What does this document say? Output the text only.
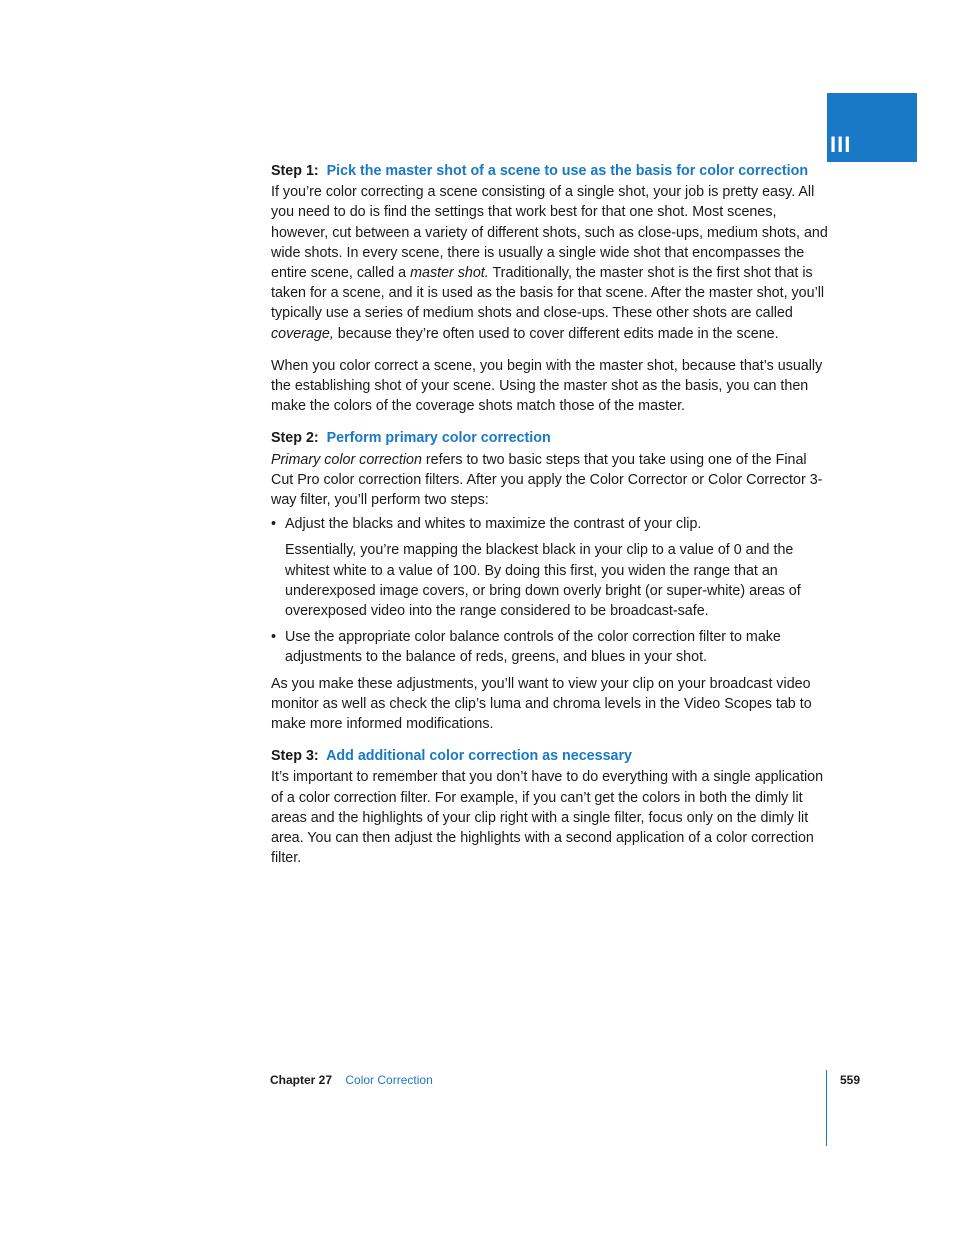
III
Step 1: Pick the master shot of a scene to use as the basis for color correction

If you’re color correcting a scene consisting of a single shot, your job is pretty easy. All you need to do is find the settings that work best for that one shot. Most scenes, however, cut between a variety of different shots, such as close-ups, medium shots, and wide shots. In every scene, there is usually a single wide shot that encompasses the entire scene, called a master shot. Traditionally, the master shot is the first shot that is taken for a scene, and it is used as the basis for that scene. After the master shot, you’ll typically use a series of medium shots and close-ups. These other shots are called coverage, because they’re often used to cover different edits made in the scene.

When you color correct a scene, you begin with the master shot, because that’s usually the establishing shot of your scene. Using the master shot as the basis, you can then make the colors of the coverage shots match those of the master.

Step 2: Perform primary color correction

Primary color correction refers to two basic steps that you take using one of the Final Cut Pro color correction filters. After you apply the Color Corrector or Color Corrector 3-way filter, you’ll perform two steps:

• Adjust the blacks and whites to maximize the contrast of your clip.
Essentially, you’re mapping the blackest black in your clip to a value of 0 and the whitest white to a value of 100. By doing this first, you widen the range that an underexposed image covers, or bring down overly bright (or super-white) areas of overexposed video into the range considered to be broadcast-safe.
• Use the appropriate color balance controls of the color correction filter to make adjustments to the balance of reds, greens, and blues in your shot.

As you make these adjustments, you’ll want to view your clip on your broadcast video monitor as well as check the clip’s luma and chroma levels in the Video Scopes tab to make more informed modifications.

Step 3: Add additional color correction as necessary

It’s important to remember that you don’t have to do everything with a single application of a color correction filter. For example, if you can’t get the colors in both the dimly lit areas and the highlights of your clip right with a single filter, focus only on the dimly lit area. You can then adjust the highlights with a second application of a color correction filter.

Chapter 27 Color Correction	559
